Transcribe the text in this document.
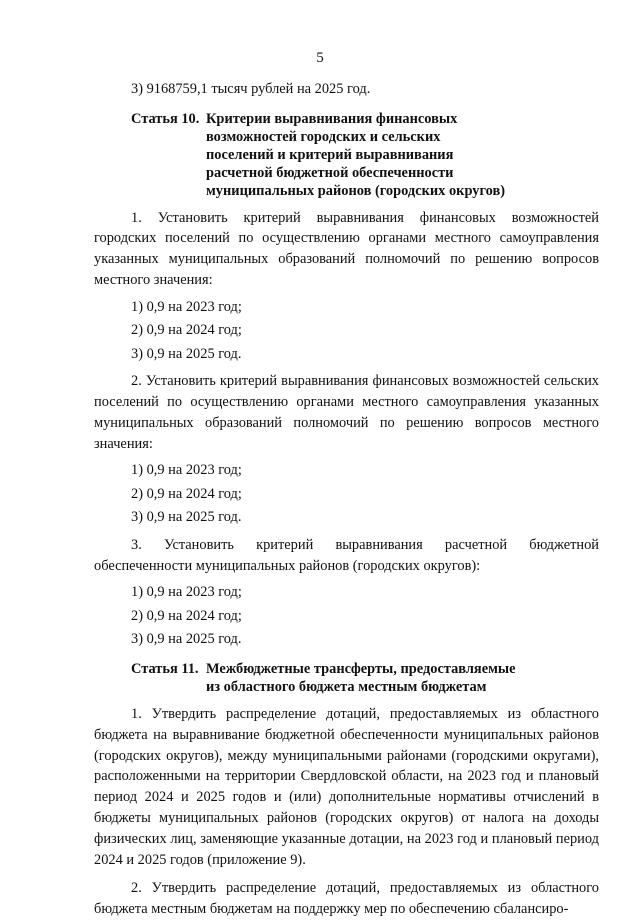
5

3) 9168759,1 тысяч рублей на 2025 год.

Статья 10. Критерии выравнивания финансовых
возможностей городских и сельских
поселений и критерий выравнивания
расчетной бюджетной обеспеченности
муниципальных районов (городских округов)

1. Установить критерий выравнивания финансовых возможностей городских поселений по осуществлению органами местного самоуправления указанных муниципальных образований полномочий по решению вопросов местного значения:

1) 0,9 на 2023 год;

2) 0,9 на 2024 год;

3) 0,9 на 2025 год.

2. Установить критерий выравнивания финансовых возможностей сельских поселений по осуществлению органами местного самоуправления указанных муниципальных образований полномочий по решению вопросов местного значения:

1) 0,9 на 2023 год;

2) 0,9 на 2024 год;

3) 0,9 на 2025 год.

3. Установить критерий выравнивания расчетной бюджетной обеспеченности муниципальных районов (городских округов):

1) 0,9 на 2023 год;

2) 0,9 на 2024 год;

3) 0,9 на 2025 год.

Статья 11. Межбюджетные трансферты, предоставляемые
из областного бюджета местным бюджетам

1. Утвердить распределение дотаций, предоставляемых из областного бюджета на выравнивание бюджетной обеспеченности муниципальных районов (городских округов), между муниципальными районами (городскими округами), расположенными на территории Свердловской области, на 2023 год и плановый период 2024 и 2025 годов и (или) дополнительные нормативы отчислений в бюджеты муниципальных районов (городских округов) от налога на доходы физических лиц, заменяющие указанные дотации, на 2023 год и плановый период 2024 и 2025 годов (приложение 9).

2. Утвердить распределение дотаций, предоставляемых из областного бюджета местным бюджетам на поддержку мер по обеспечению сбалансиро-
